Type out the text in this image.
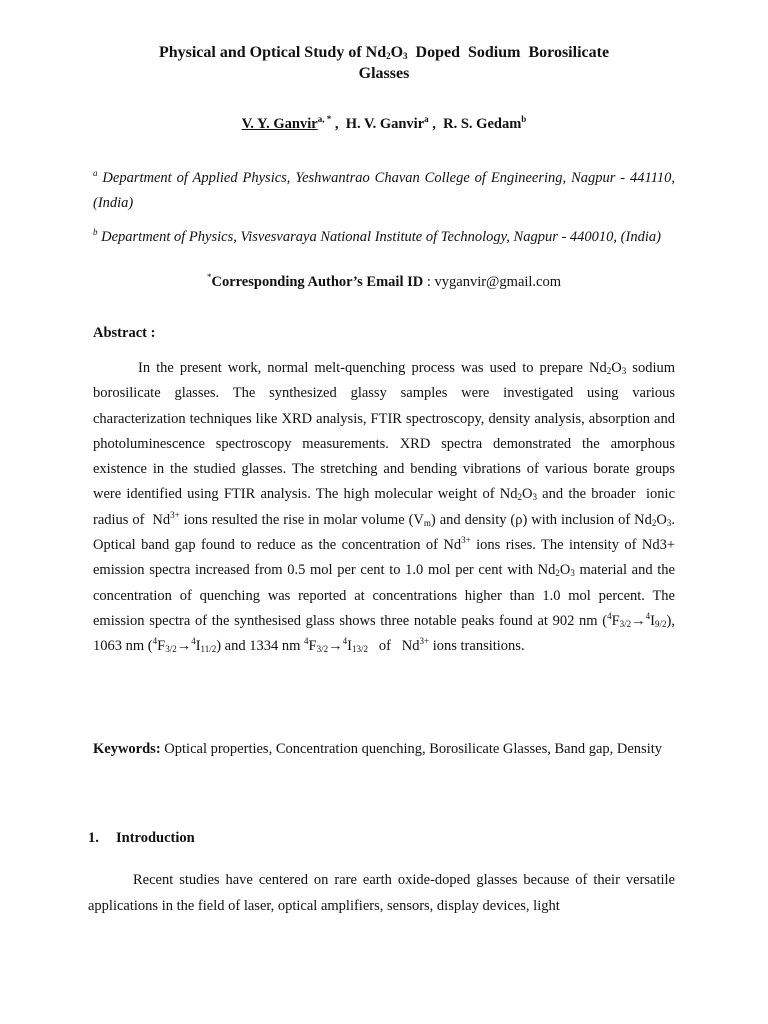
Physical and Optical Study of $Nd_2O_3$  Doped  Sodium  Borosilicate
Glasses
V. Y. Ganvir$^{a, *}$ ,  H. V. Ganvir$^a$ ,  R. S. Gedam$^b$
$^a$ Department of Applied Physics, Yeshwantrao Chavan College of Engineering, Nagpur - 441110, (India)
$^b$ Department of Physics, Visvesvaraya National Institute of Technology, Nagpur - 440010, (India)
*Corresponding Author’s Email ID : vyganvir@gmail.com
Abstract :

In the present work, normal melt-quenching process was used to prepare $Nd_2O_3$ sodium borosilicate glasses. The synthesized glassy samples were investigated using various characterization techniques like XRD analysis, FTIR spectroscopy, density analysis, absorption and photoluminescence spectroscopy measurements. XRD spectra demonstrated the amorphous existence in the studied glasses. The stretching and bending vibrations of various borate groups were identified using FTIR analysis. The high molecular weight of $Nd_2O_3$ and the broader  ionic radius of  $Nd^{3+}$ ions resulted the rise in molar volume $(V_m)$ and density (ρ) with inclusion of $Nd_2O_3$. Optical band gap found to reduce as the concentration of $Nd^{3+}$ ions rises. The intensity of Nd3+ emission spectra increased from 0.5 mol per cent to 1.0 mol per cent with $Nd_2O_3$ material and the concentration of quenching was reported at concentrations higher than 1.0 mol percent. The emission spectra of the synthesised glass shows three notable peaks found at 902 nm $(^4F_{3/2}\to^4I_{9/2})$, 1063 nm $(^4F_{3/2}\to^4I_{11/2})$ and 1334 nm $^4F_{3/2}\to^4I_{13/2}$   of   $Nd^{3+}$ ions transitions.

Keywords: Optical properties, Concentration quenching, Borosilicate Glasses, Band gap, Density
1. Introduction

Recent studies have centered on rare earth oxide-doped glasses because of their versatile applications in the field of laser, optical amplifiers, sensors, display devices, light
